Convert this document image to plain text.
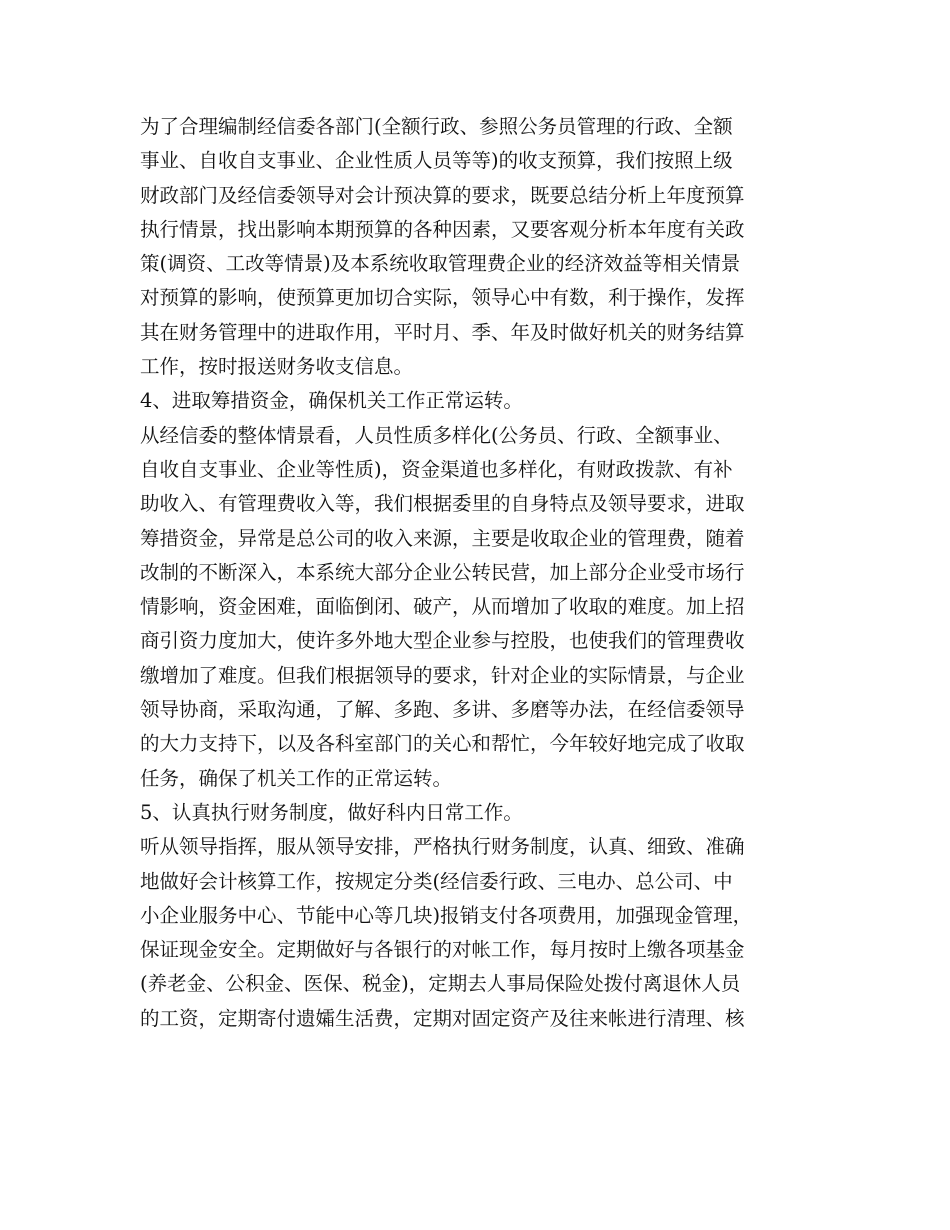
为了合理编制经信委各部门(全额行政、参照公务员管理的行政、全额
事业、自收自支事业、企业性质人员等等)的收支预算，我们按照上级
财政部门及经信委领导对会计预决算的要求，既要总结分析上年度预算
执行情景，找出影响本期预算的各种因素，又要客观分析本年度有关政
策(调资、工改等情景)及本系统收取管理费企业的经济效益等相关情景
对预算的影响，使预算更加切合实际，领导心中有数，利于操作，发挥
其在财务管理中的进取作用，平时月、季、年及时做好机关的财务结算
工作，按时报送财务收支信息。
4、进取筹措资金，确保机关工作正常运转。
从经信委的整体情景看，人员性质多样化(公务员、行政、全额事业、
自收自支事业、企业等性质)，资金渠道也多样化，有财政拨款、有补
助收入、有管理费收入等，我们根据委里的自身特点及领导要求，进取
筹措资金，异常是总公司的收入来源，主要是收取企业的管理费，随着
改制的不断深入，本系统大部分企业公转民营，加上部分企业受市场行
情影响，资金困难，面临倒闭、破产，从而增加了收取的难度。加上招
商引资力度加大，使许多外地大型企业参与控股，也使我们的管理费收
缴增加了难度。但我们根据领导的要求，针对企业的实际情景，与企业
领导协商，采取沟通，了解、多跑、多讲、多磨等办法，在经信委领导
的大力支持下，以及各科室部门的关心和帮忙，今年较好地完成了收取
任务，确保了机关工作的正常运转。
5、认真执行财务制度，做好科内日常工作。
听从领导指挥，服从领导安排，严格执行财务制度，认真、细致、准确
地做好会计核算工作，按规定分类(经信委行政、三电办、总公司、中
小企业服务中心、节能中心等几块)报销支付各项费用，加强现金管理，
保证现金安全。定期做好与各银行的对帐工作，每月按时上缴各项基金
(养老金、公积金、医保、税金)，定期去人事局保险处拨付离退休人员
的工资，定期寄付遗孀生活费，定期对固定资产及往来帐进行清理、核
